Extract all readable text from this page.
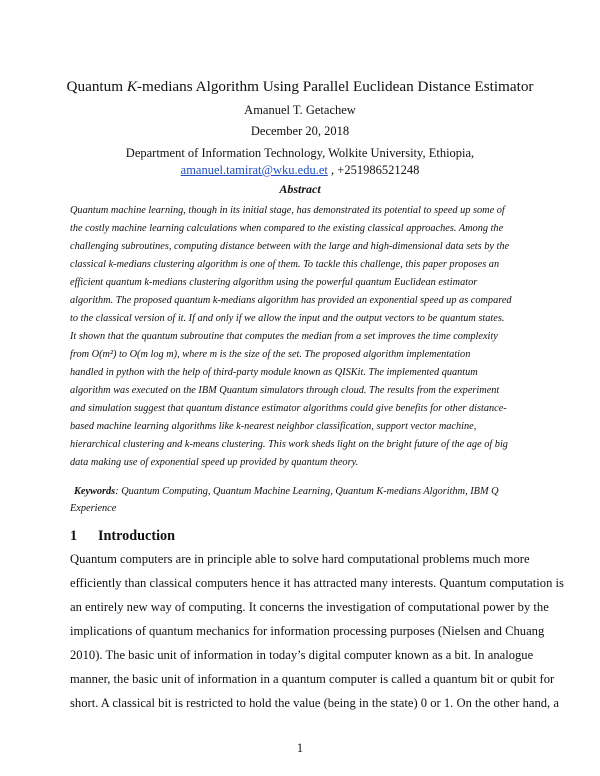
Quantum K-medians Algorithm Using Parallel Euclidean Distance Estimator
Amanuel T. Getachew
December 20, 2018
Department of Information Technology, Wolkite University, Ethiopia,
amanuel.tamirat@wku.edu.et , +251986521248
Abstract
Quantum machine learning, though in its initial stage, has demonstrated its potential to speed up some of
the costly machine learning calculations when compared to the existing classical approaches. Among the
challenging subroutines, computing distance between with the large and high-dimensional data sets by the
classical k-medians clustering algorithm is one of them. To tackle this challenge, this paper proposes an
efficient quantum k-medians clustering algorithm using the powerful quantum Euclidean estimator
algorithm. The proposed quantum k-medians algorithm has provided an exponential speed up as compared
to the classical version of it. If and only if we allow the input and the output vectors to be quantum states.
It shown that the quantum subroutine that computes the median from a set improves the time complexity
from O(m²) to O(m log m), where m is the size of the set. The proposed algorithm implementation
handled in python with the help of third-party module known as QISKit. The implemented quantum
algorithm was executed on the IBM Quantum simulators through cloud. The results from the experiment
and simulation suggest that quantum distance estimator algorithms could give benefits for other distance-
based machine learning algorithms like k-nearest neighbor classification, support vector machine,
hierarchical clustering and k-means clustering. This work sheds light on the bright future of the age of big
data making use of exponential speed up provided by quantum theory.
Keywords: Quantum Computing, Quantum Machine Learning, Quantum K-medians Algorithm, IBM Q
Experience
1 Introduction
Quantum computers are in principle able to solve hard computational problems much more
efficiently than classical computers hence it has attracted many interests. Quantum computation is
an entirely new way of computing. It concerns the investigation of computational power by the
implications of quantum mechanics for information processing purposes (Nielsen and Chuang
2010). The basic unit of information in today’s digital computer known as a bit. In analogue
manner, the basic unit of information in a quantum computer is called a quantum bit or qubit for
short. A classical bit is restricted to hold the value (being in the state) 0 or 1. On the other hand, a
1
